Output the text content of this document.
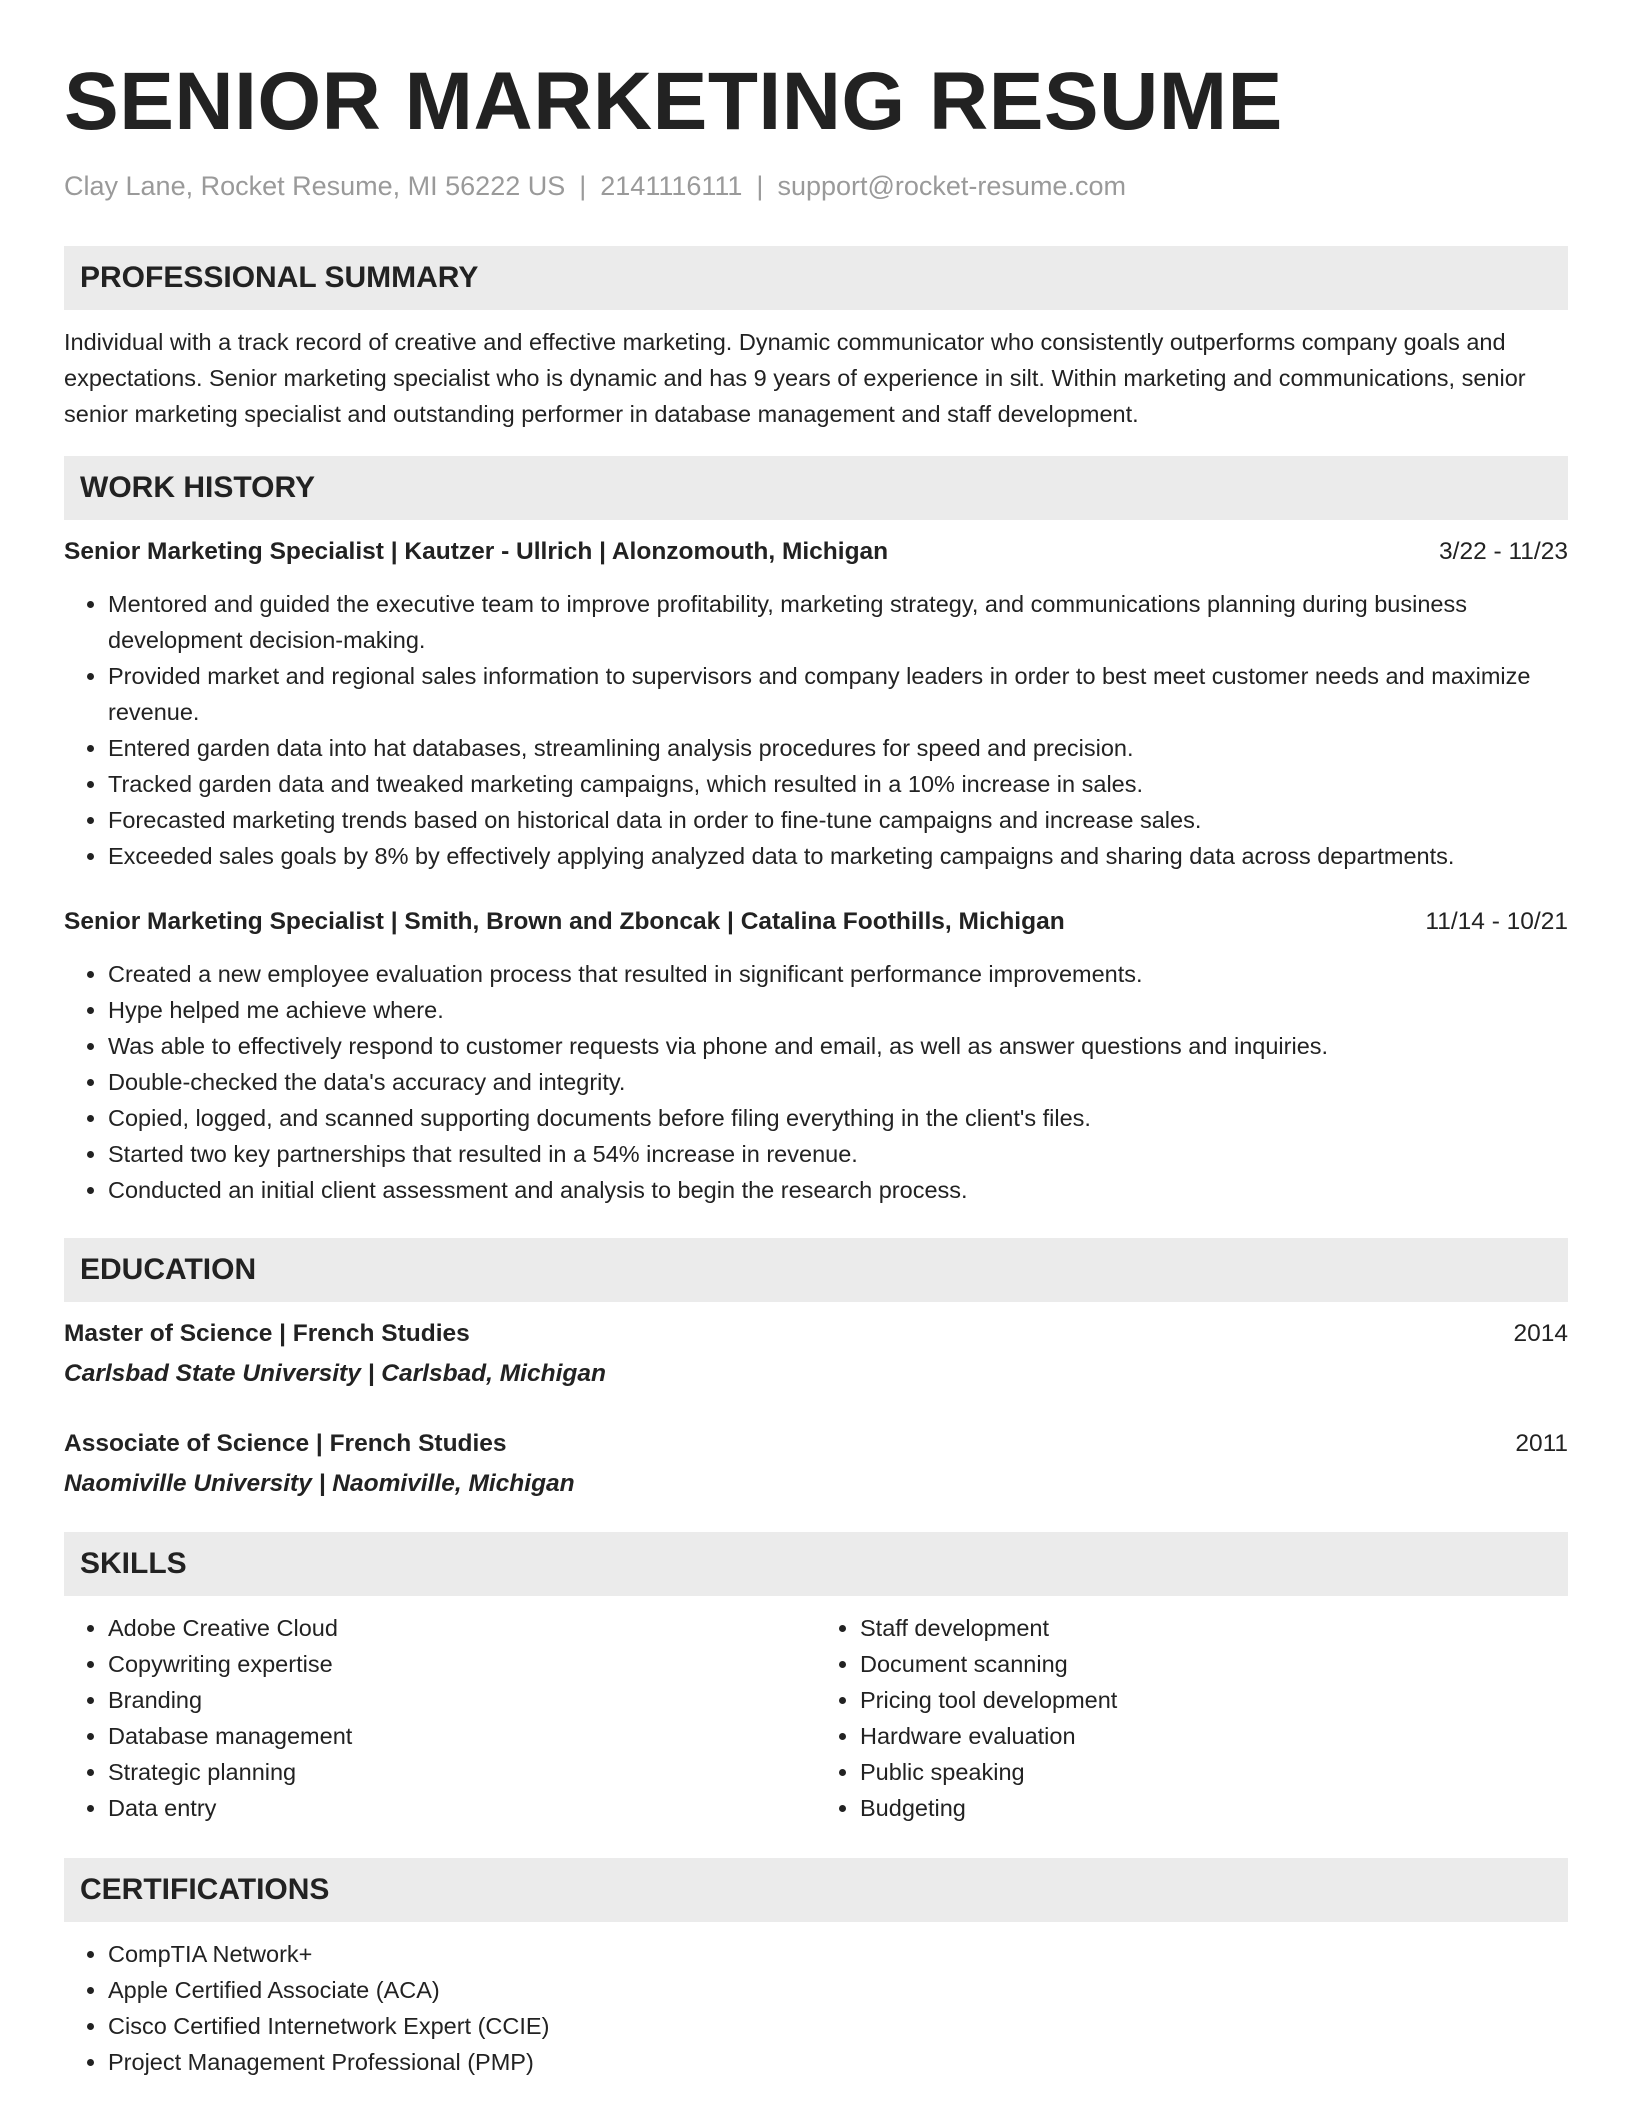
SENIOR MARKETING RESUME
Clay Lane, Rocket Resume, MI 56222 US | 2141116111 | support@rocket-resume.com
PROFESSIONAL SUMMARY

Individual with a track record of creative and effective marketing. Dynamic communicator who consistently outperforms company goals and expectations. Senior marketing specialist who is dynamic and has 9 years of experience in silt. Within marketing and communications, senior senior marketing specialist and outstanding performer in database management and staff development.

WORK HISTORY
Senior Marketing Specialist | Kautzer - Ullrich | Alonzomouth, Michigan	3/22 - 11/23
• Mentored and guided the executive team to improve profitability, marketing strategy, and communications planning during business development decision-making.
• Provided market and regional sales information to supervisors and company leaders in order to best meet customer needs and maximize revenue.
• Entered garden data into hat databases, streamlining analysis procedures for speed and precision.
• Tracked garden data and tweaked marketing campaigns, which resulted in a 10% increase in sales.
• Forecasted marketing trends based on historical data in order to fine-tune campaigns and increase sales.
• Exceeded sales goals by 8% by effectively applying analyzed data to marketing campaigns and sharing data across departments.
Senior Marketing Specialist | Smith, Brown and Zboncak | Catalina Foothills, Michigan	11/14 - 10/21
• Created a new employee evaluation process that resulted in significant performance improvements.
• Hype helped me achieve where.
• Was able to effectively respond to customer requests via phone and email, as well as answer questions and inquiries.
• Double-checked the data's accuracy and integrity.
• Copied, logged, and scanned supporting documents before filing everything in the client's files.
• Started two key partnerships that resulted in a 54% increase in revenue.
• Conducted an initial client assessment and analysis to begin the research process.
EDUCATION
Master of Science | French Studies	2014
Carlsbad State University | Carlsbad, Michigan
Associate of Science | French Studies	2011
Naomiville University | Naomiville, Michigan
SKILLS
• Adobe Creative Cloud
• Copywriting expertise
• Branding
• Database management
• Strategic planning
• Data entry
• Staff development
• Document scanning
• Pricing tool development
• Hardware evaluation
• Public speaking
• Budgeting
CERTIFICATIONS
• CompTIA Network+
• Apple Certified Associate (ACA)
• Cisco Certified Internetwork Expert (CCIE)
• Project Management Professional (PMP)
